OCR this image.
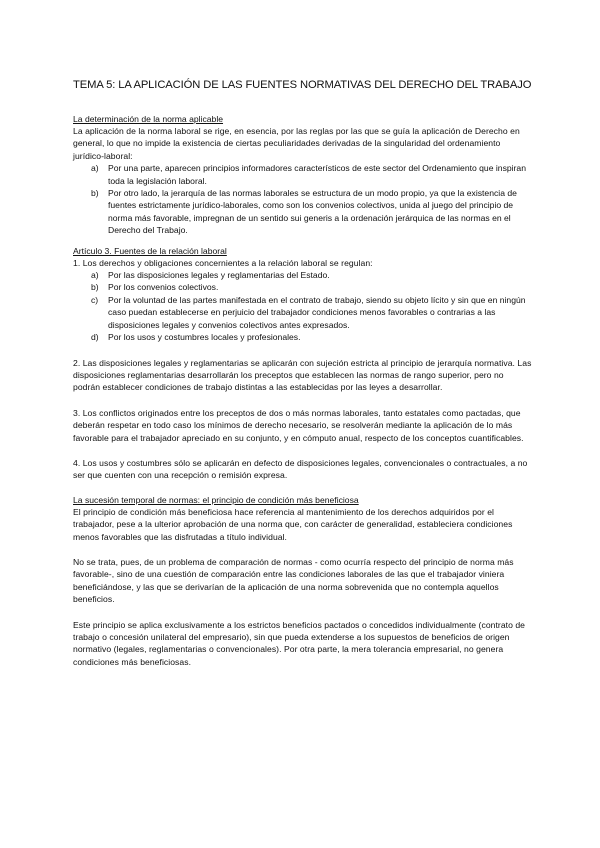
TEMA 5: LA APLICACIÓN DE LAS FUENTES NORMATIVAS DEL DERECHO DEL TRABAJO
La determinación de la norma aplicable

La aplicación de la norma laboral se rige, en esencia, por las reglas por las que se guía la aplicación de Derecho en general, lo que no impide la existencia de ciertas peculiaridades derivadas de la singularidad del ordenamiento jurídico-laboral:

a) Por una parte, aparecen principios informadores característicos de este sector del Ordenamiento que inspiran toda la legislación laboral.
b) Por otro lado, la jerarquía de las normas laborales se estructura de un modo propio, ya que la existencia de fuentes estrictamente jurídico-laborales, como son los convenios colectivos, unida al juego del principio de norma más favorable, impregnan de un sentido sui generis a la ordenación jerárquica de las normas en el Derecho del Trabajo.
Artículo 3. Fuentes de la relación laboral

1. Los derechos y obligaciones concernientes a la relación laboral se regulan:

a) Por las disposiciones legales y reglamentarias del Estado.
b) Por los convenios colectivos.
c) Por la voluntad de las partes manifestada en el contrato de trabajo, siendo su objeto lícito y sin que en ningún caso puedan establecerse en perjuicio del trabajador condiciones menos favorables o contrarias a las disposiciones legales y convenios colectivos antes expresados.
d) Por los usos y costumbres locales y profesionales.

2. Las disposiciones legales y reglamentarias se aplicarán con sujeción estricta al principio de jerarquía normativa. Las disposiciones reglamentarias desarrollarán los preceptos que establecen las normas de rango superior, pero no podrán establecer condiciones de trabajo distintas a las establecidas por las leyes a desarrollar.

3. Los conflictos originados entre los preceptos de dos o más normas laborales, tanto estatales como pactadas, que deberán respetar en todo caso los mínimos de derecho necesario, se resolverán mediante la aplicación de lo más favorable para el trabajador apreciado en su conjunto, y en cómputo anual, respecto de los conceptos cuantificables.

4. Los usos y costumbres sólo se aplicarán en defecto de disposiciones legales, convencionales o contractuales, a no ser que cuenten con una recepción o remisión expresa.

La sucesión temporal de normas: el principio de condición más beneficiosa

El principio de condición más beneficiosa hace referencia al mantenimiento de los derechos adquiridos por el trabajador, pese a la ulterior aprobación de una norma que, con carácter de generalidad, estableciera condiciones menos favorables que las disfrutadas a título individual.

No se trata, pues, de un problema de comparación de normas - como ocurría respecto del principio de norma más favorable-, sino de una cuestión de comparación entre las condiciones laborales de las que el trabajador viniera beneficiándose, y las que se derivarían de la aplicación de una norma sobrevenida que no contempla aquellos beneficios.

Este principio se aplica exclusivamente a los estrictos beneficios pactados o concedidos individualmente (contrato de trabajo o concesión unilateral del empresario), sin que pueda extenderse a los supuestos de beneficios de origen normativo (legales, reglamentarias o convencionales). Por otra parte, la mera tolerancia empresarial, no genera condiciones más beneficiosas.
